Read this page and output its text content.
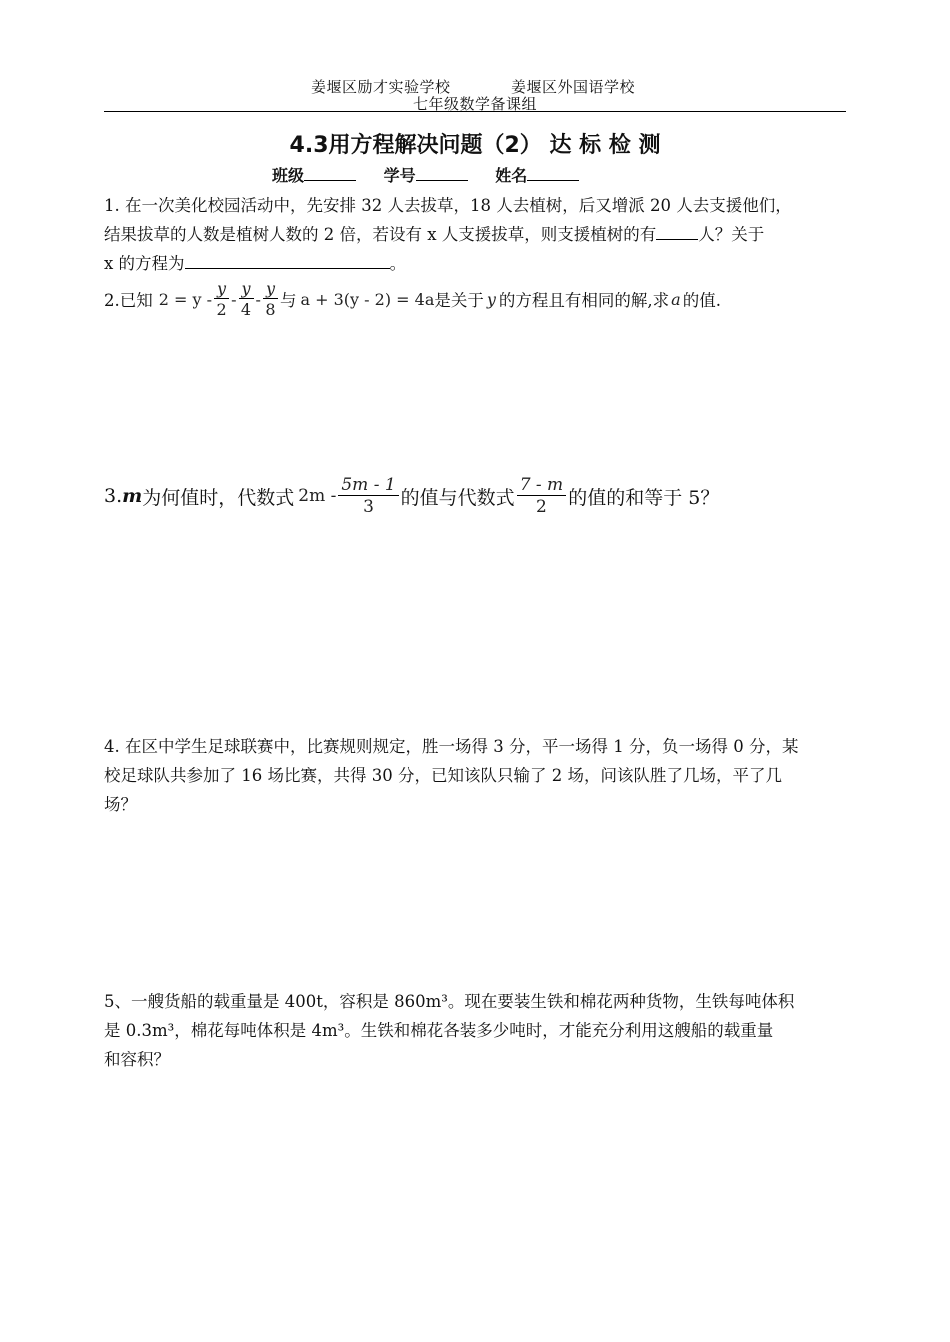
姜堰区励才实验学校	姜堰区外国语学校
七年级数学备课组
4.3用方程解决问题（2） 达 标 检 测
班级	学号	姓名
1. 在一次美化校园活动中，先安排 32 人去拔草，18 人去植树，后又增派 20 人去支援他们，
结果拔草的人数是植树人数的 2 倍，若设有 x 人支援拔草，则支援植树的有	人？关于
x 的方程为	。
2.已知 $2 = y - \frac{y}{2} - \frac{y}{4} - \frac{y}{8}$ 与 a + 3(y - 2) = 4a 是关于 y 的方程且有相同的解,求 a 的值.
3. m 为何值时，代数式 $2m - \frac{5m - 1}{3}$ 的值与代数式 $\frac{7 - m}{2}$ 的值的和等于 5？
4. 在区中学生足球联赛中，比赛规则规定，胜一场得 3 分，平一场得 1 分，负一场得 0 分，某
校足球队共参加了 16 场比赛，共得 30 分，已知该队只输了 2 场，问该队胜了几场，平了几
场？
5、一艘货船的载重量是 400t，容积是 860m³。现在要装生铁和棉花两种货物，生铁每吨体积
是 0.3m³，棉花每吨体积是 4m³。生铁和棉花各装多少吨时，才能充分利用这艘船的载重量
和容积？
